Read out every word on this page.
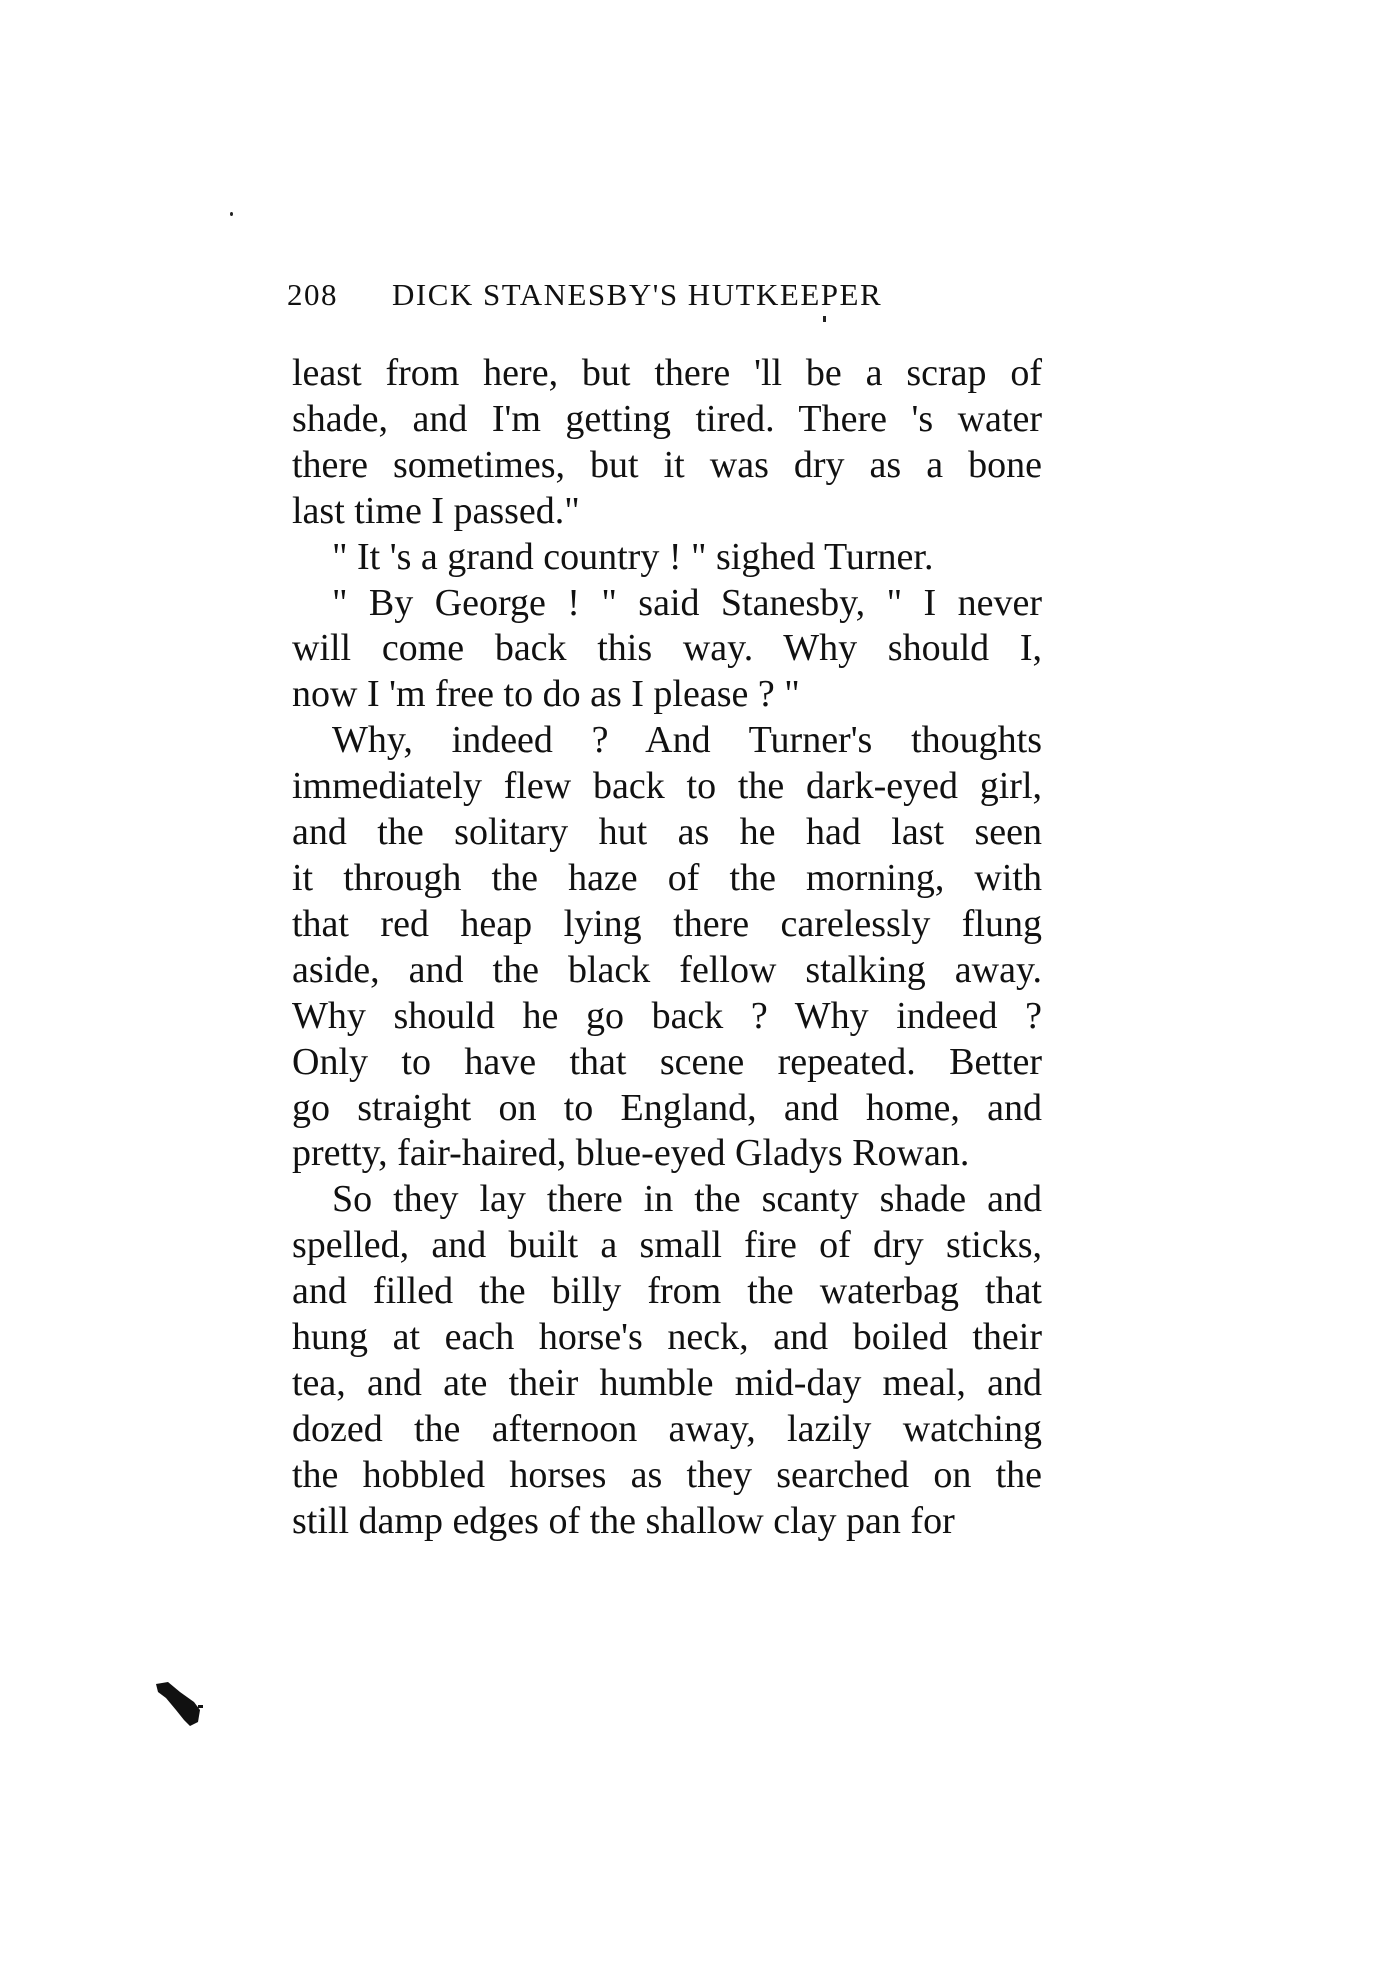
208 DICK STANESBY'S HUTKEEPER
least from here, but there 'll be a scrap of
shade, and I'm getting tired. There 's water
there sometimes, but it was dry as a bone
last time I passed."
" It 's a grand country ! " sighed Turner.
" By George ! " said Stanesby, " I never
will come back this way. Why should I,
now I 'm free to do as I please ? "
Why, indeed ? And Turner's thoughts
immediately flew back to the dark-eyed girl,
and the solitary hut as he had last seen
it through the haze of the morning, with
that red heap lying there carelessly flung
aside, and the black fellow stalking away.
Why should he go back ? Why indeed ?
Only to have that scene repeated. Better
go straight on to England, and home, and
pretty, fair-haired, blue-eyed Gladys Rowan.
So they lay there in the scanty shade and
spelled, and built a small fire of dry sticks,
and filled the billy from the waterbag that
hung at each horse's neck, and boiled their
tea, and ate their humble mid-day meal, and
dozed the afternoon away, lazily watching
the hobbled horses as they searched on the
still damp edges of the shallow clay pan for
